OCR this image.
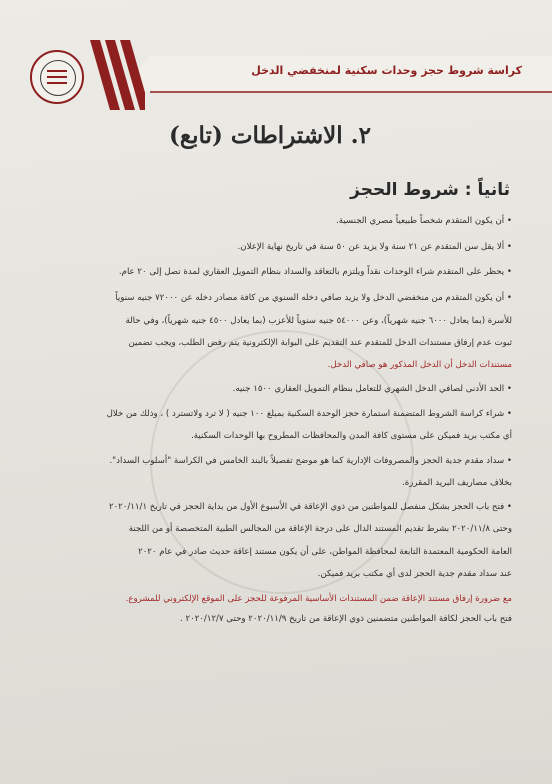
كراسة شروط حجز وحدات سكنية لمنخفضي الدخل
٢. الاشتراطات (تابع)
ثانياً : شروط الحجز
• أن يكون المتقدم شخصاً طبيعياً مصري الجنسية.
• ألا يقل سن المتقدم عن ٢١ سنة ولا يزيد عن ٥٠ سنة في تاريخ نهاية الإعلان.
• يحظر على المتقدم شراء الوحدات نقداً ويلتزم بالتعاقد والسداد بنظام التمويل العقاري لمدة تصل إلى ٢٠ عام.
• أن يكون المتقدم من منخفضي الدخل ولا يزيد صافي دخله السنوي من كافة مصادر دخله عن ٧٢٠٠٠ جنيه سنوياً
للأسرة (بما يعادل ٦٠٠٠ جنيه شهرياً)، وعن ٥٤٠٠٠ جنيه سنوياً للأعزب (بما يعادل ٤٥٠٠ جنيه شهرياً)، وفي حالة
ثبوت عدم إرفاق مستندات الدخل للمتقدم عند التقديم على البوابة الإلكترونية يتم رفض الطلب، ويجب تضمين
مستندات الدخل أن الدخل المذكور هو صافي الدخل.
• الحد الأدنى لصافي الدخل الشهري للتعامل بنظام التمويل العقاري ١٥٠٠ جنيه.
• شراء كراسة الشروط المتضمنة استمارة حجز الوحدة السكنية بمبلغ ١٠٠ جنيه ( لا ترد ولاتسترد ) ، وذلك من خلال
أي مكتب بريد فميكن على مستوى كافة المدن والمحافظات المطروح بها الوحدات السكنية.
• سداد مقدم جدية الحجز والمصروفات الإدارية كما هو موضح تفصيلاً بالبند الخامس في الكراسة "أسلوب السداد".
بخلاف مصاريف البريد المقررة.
• فتح باب الحجز بشكل منفصل للمواطنين من ذوي الإعاقة في الأسبوع الأول من بداية الحجز في تاريخ ٢٠٢٠/١١/١
وحتى ٢٠٢٠/١١/٨ بشرط تقديم المستند الدال على درجة الإعاقة من المجالس الطبية المتخصصة أو من اللجنة
العامة الحكومية المعتمدة التابعة لمحافظة المواطن، على أن يكون مستند إعاقة حديث صادر في عام ٢٠٢٠
عند سداد مقدم جدية الحجز لدى أي مكتب بريد فميكن.
مع ضرورة إرفاق مستند الإعاقة ضمن المستندات الأساسية المرفوعة للحجز على الموقع الإلكتروني للمشروع.
فتح باب الحجز لكافة المواطنين متضمنين ذوي الإعاقة من تاريخ ٢٠٢٠/١١/٩ وحتى ٢٠٢٠/١٢/٧ .
